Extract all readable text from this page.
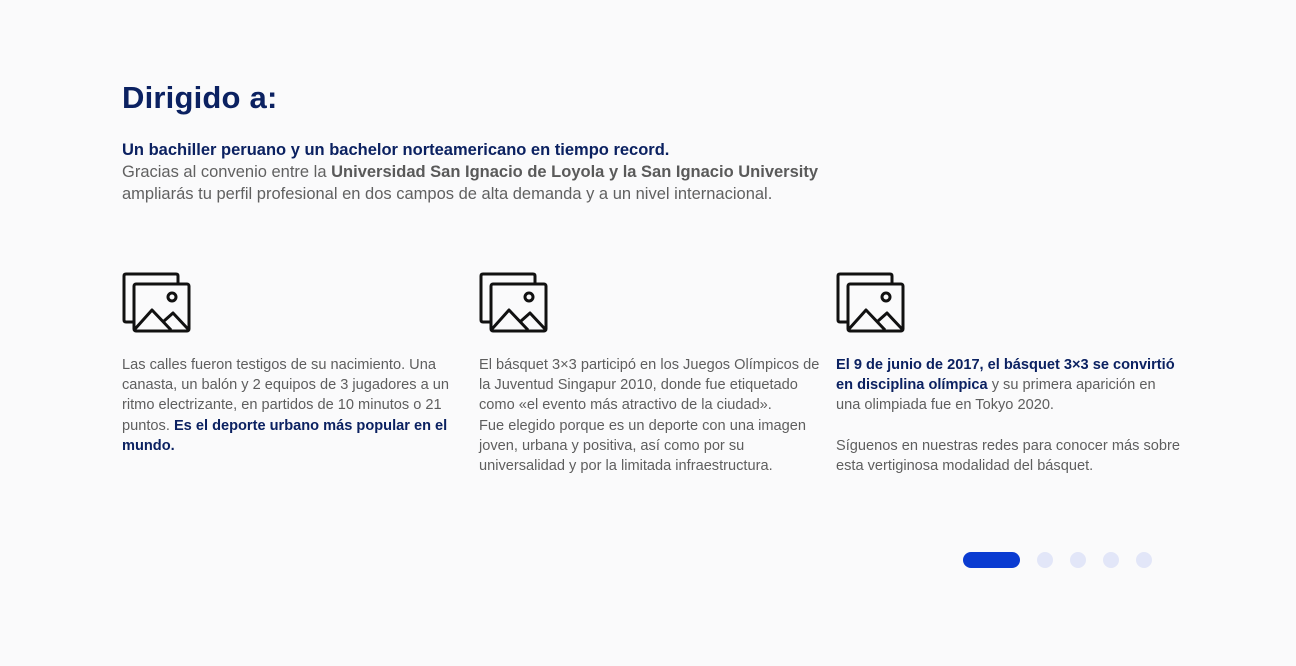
Dirigido a:
Un bachiller peruano y un bachelor norteamericano en tiempo record.
Gracias al convenio entre la Universidad San Ignacio de Loyola y la San Ignacio University ampliarás tu perfil profesional en dos campos de alta demanda y a un nivel internacional.

Las calles fueron testigos de su nacimiento. Una canasta, un balón y 2 equipos de 3 jugadores a un ritmo electrizante, en partidos de 10 minutos o 21 puntos. Es el deporte urbano más popular en el mundo.

El básquet 3×3 participó en los Juegos Olímpicos de la Juventud Singapur 2010, donde fue etiquetado como «el evento más atractivo de la ciudad».

Fue elegido porque es un deporte con una imagen joven, urbana y positiva, así como por su universalidad y por la limitada infraestructura.

El 9 de junio de 2017, el básquet 3×3 se convirtió en disciplina olímpica y su primera aparición en una olimpiada fue en Tokyo 2020.

Síguenos en nuestras redes para conocer más sobre esta vertiginosa modalidad del básquet.
